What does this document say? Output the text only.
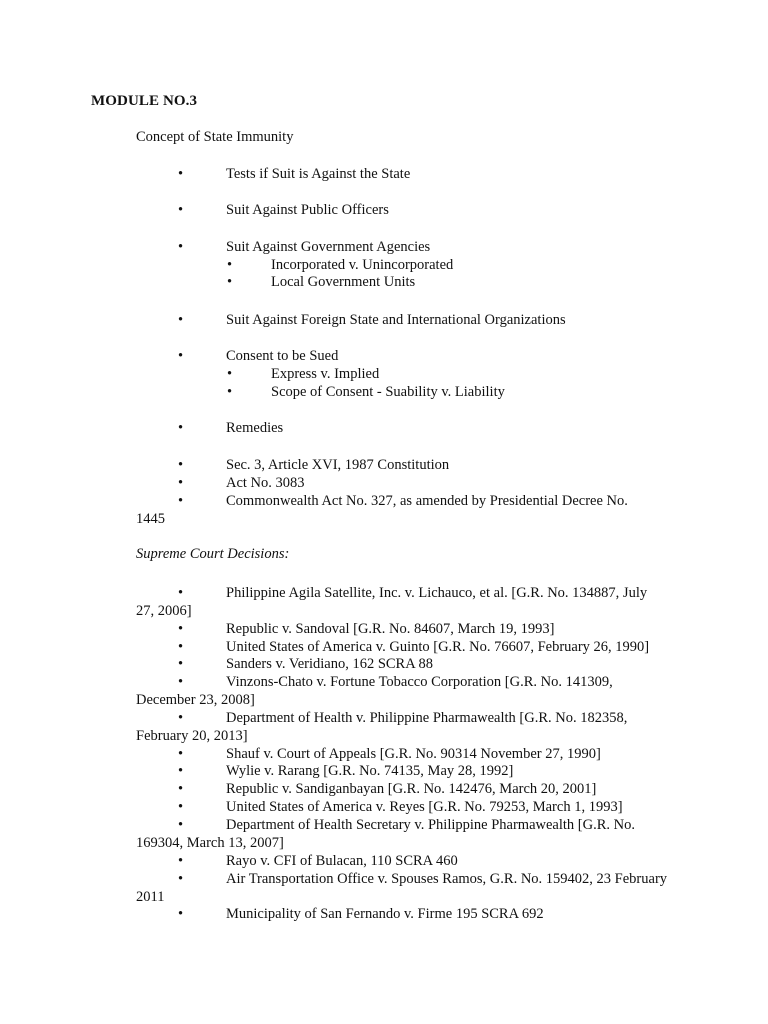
MODULE NO.3
Concept of State Immunity
•	Tests if Suit is Against the State
•	Suit Against Public Officers
•	Suit Against Government Agencies
•	Incorporated v. Unincorporated
•	Local Government Units
•	Suit Against Foreign State and International Organizations
•	Consent to be Sued
•	Express v. Implied
•	Scope of Consent - Suability v. Liability
•	Remedies
•	Sec. 3, Article XVI, 1987 Constitution
•	Act No. 3083
•	Commonwealth Act No. 327, as amended by Presidential Decree No. 1445
Supreme Court Decisions:
•	Philippine Agila Satellite, Inc. v. Lichauco, et al. [G.R. No. 134887, July 27, 2006]
•	Republic v. Sandoval [G.R. No. 84607, March 19, 1993]
•	United States of America v. Guinto [G.R. No. 76607, February 26, 1990]
•	Sanders v. Veridiano, 162 SCRA 88
•	Vinzons-Chato v. Fortune Tobacco Corporation [G.R. No. 141309, December 23, 2008]
•	Department of Health v. Philippine Pharmawealth [G.R. No. 182358, February 20, 2013]
•	Shauf v. Court of Appeals [G.R. No. 90314 November 27, 1990]
•	Wylie v. Rarang [G.R. No. 74135, May 28, 1992]
•	Republic v. Sandiganbayan [G.R. No. 142476, March 20, 2001]
•	United States of America v. Reyes [G.R. No. 79253, March 1, 1993]
•	Department of Health Secretary v. Philippine Pharmawealth [G.R. No. 169304, March 13, 2007]
•	Rayo v. CFI of Bulacan, 110 SCRA 460
•	Air Transportation Office v. Spouses Ramos, G.R. No. 159402, 23 February 2011
•	Municipality of San Fernando v. Firme 195 SCRA 692
